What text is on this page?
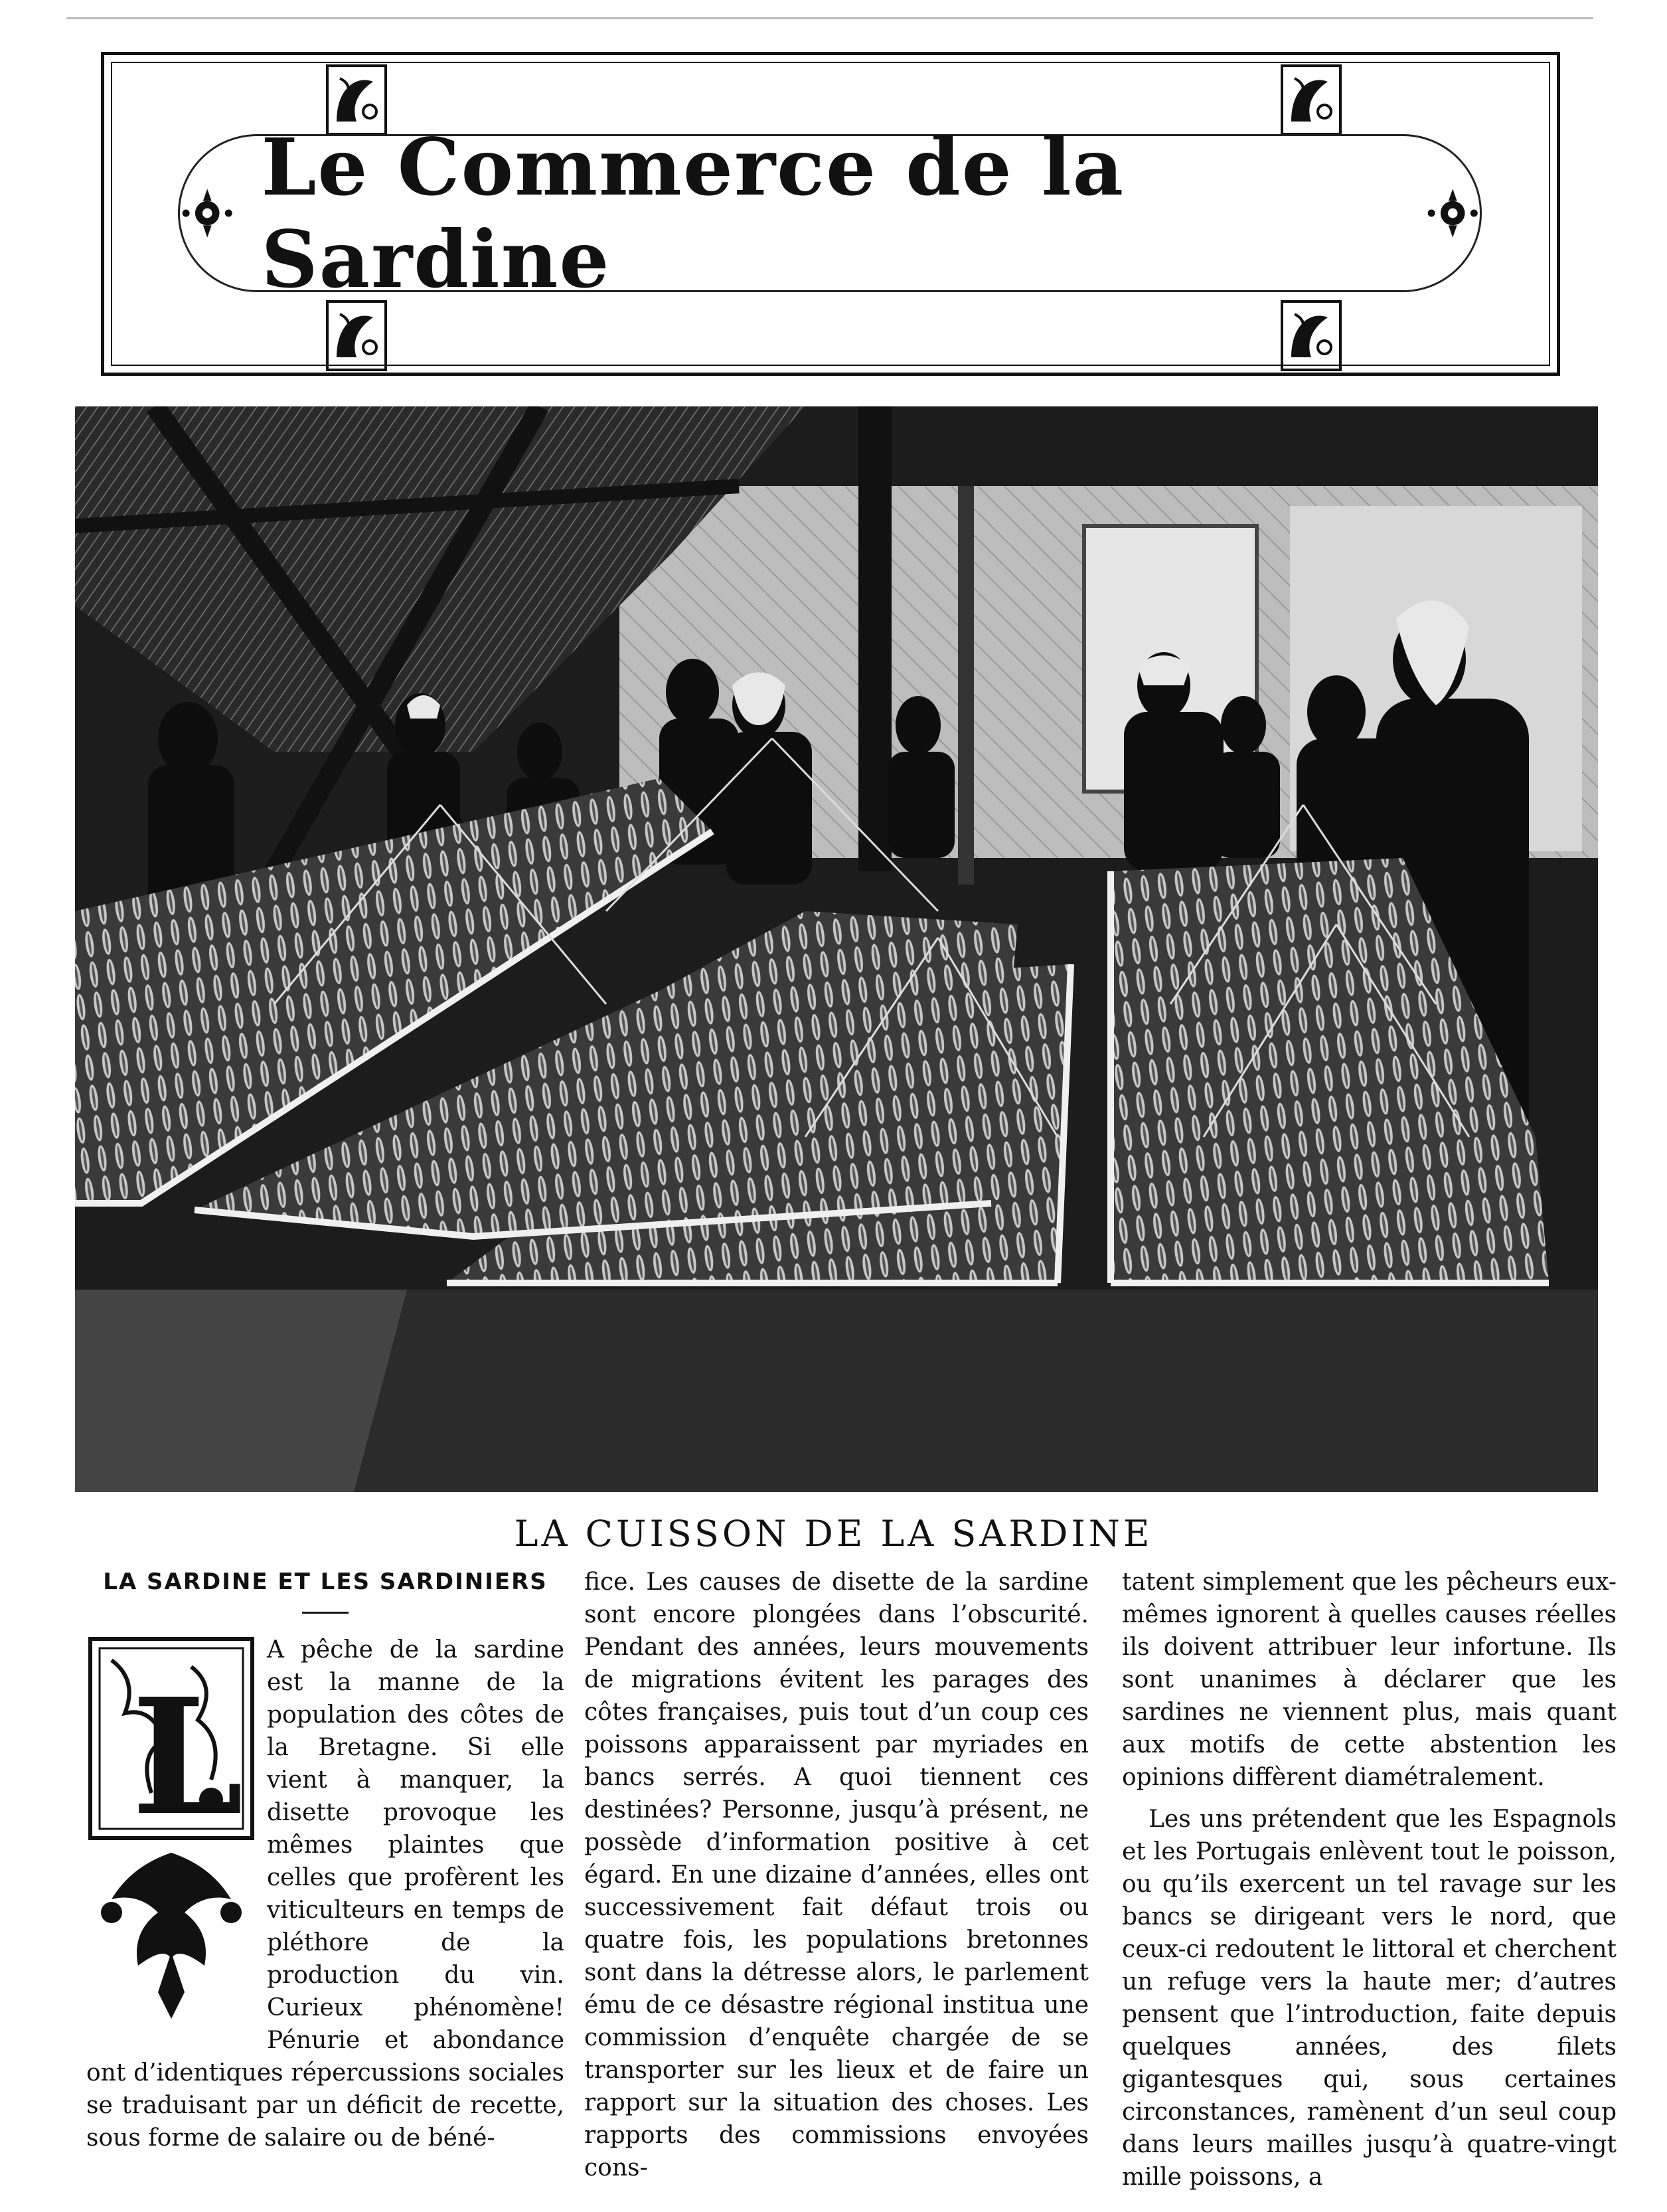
Le Commerce de la Sardine
LA CUISSON DE LA SARDINE
LA SARDINE ET LES SARDINIERS
L

A pêche de la sardine est la manne de la population des côtes de la Bretagne. Si elle vient à manquer, la disette provoque les mêmes plaintes que celles que profèrent les viticulteurs en temps de pléthore de la production du vin. Curieux phénomène! Pénurie et abondance ont d’identiques répercussions sociales se traduisant par un déficit de recette, sous forme de salaire ou de béné-

fice. Les causes de disette de la sardine sont encore plongées dans l’obscurité. Pendant des années, leurs mouvements de migrations évitent les parages des côtes françaises, puis tout d’un coup ces poissons apparaissent par myriades en bancs serrés. A quoi tiennent ces destinées? Personne, jusqu’à présent, ne possède d’information positive à cet égard. En une dizaine d’années, elles ont successivement fait défaut trois ou quatre fois, les populations bretonnes sont dans la détresse alors, le parlement ému de ce désastre régional institua une commission d’enquête chargée de se transporter sur les lieux et de faire un rapport sur la situation des choses. Les rapports des commissions envoyées cons-

tatent simplement que les pêcheurs eux-mêmes ignorent à quelles causes réelles ils doivent attribuer leur infortune. Ils sont unanimes à déclarer que les sardines ne viennent plus, mais quant aux motifs de cette abstention les opinions diffèrent diamétralement.

Les uns prétendent que les Espagnols et les Portugais enlèvent tout le poisson, ou qu’ils exercent un tel ravage sur les bancs se dirigeant vers le nord, que ceux-ci redoutent le littoral et cherchent un refuge vers la haute mer; d’autres pensent que l’introduction, faite depuis quelques années, des filets gigantesques qui, sous certaines circonstances, ramènent d’un seul coup dans leurs mailles jusqu’à quatre-vingt mille poissons, a
